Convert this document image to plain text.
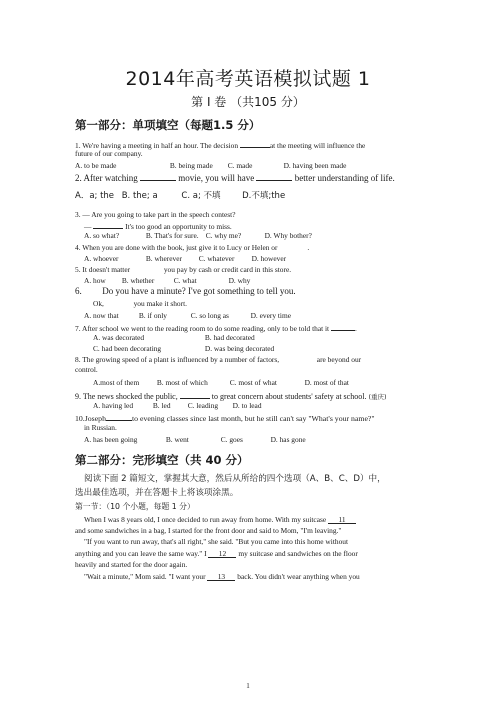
2014年高考英语模拟试题 1
第 I 卷 （共105 分）
第一部分：单项填空（每题1.5 分）
1. We're having a meeting in half an hour. The decision	at the meeting will influence the
future of our company.
A. to be made	B. being made C. made	D. having been made
2. After watching	movie, you will have	better understanding of life.
A．a; the B. the; a	C. a; 不填	D.不填;the
3. — Are you going to take part in the speech contest?
—	It's too good an opportunity to miss.
A. so what?	B. That's for sure. C. why me?	D. Why bother?
4. When you are done with the book, just give it to Lucy or Helen or	.
A. whoever	B. wherever C. whatever D. however
5. It doesn't matter	you pay by cash or credit card in this store.
A. how B. whether	C. what	D. why
6. Do you have a minute? I've got something to tell you.
Ok,	you make it short.
A. now that	B. if only	C. so long as	D. every time
7. After school we went to the reading room to do some reading, only to be told that it	.
A. was decorated	B. had decorated
C. had been decorating	D. was being decorated
8. The growing speed of a plant is influenced by a number of factors,	are beyond our
control.
A.most of them B. most of which	C. most of what	D. most of that
9. The news shocked the public,	to great concern about students' safety at school. (重庆)
A. having led	B. led C. leading D. to lead
10.Joseph	to evening classes since last month, but he still can't say "What's your name?"
in Russian.
A. has been going	B. went	C. goes	D. has gone
第二部分：完形填空（共 40 分）
阅读下面 2 篇短文，掌握其大意，然后从所给的四个选项（A、B、C、D）中，
选出最佳选项，并在答题卡上将该项涂黑。
第一节：（10 个小题，每题 1 分）
When I was 8 years old, I once decided to run away from home. With my suitcase 11
and some sandwiches in a bag, I started for the front door and said to Mom, "I'm leaving."
"If you want to run away, that's all right," she said. "But you came into this home without
anything and you can leave the same way." I 12 my suitcase and sandwiches on the floor
heavily and started for the door again.
"Wait a minute," Mom said. "I want your 13 back. You didn't wear anything when you
1
